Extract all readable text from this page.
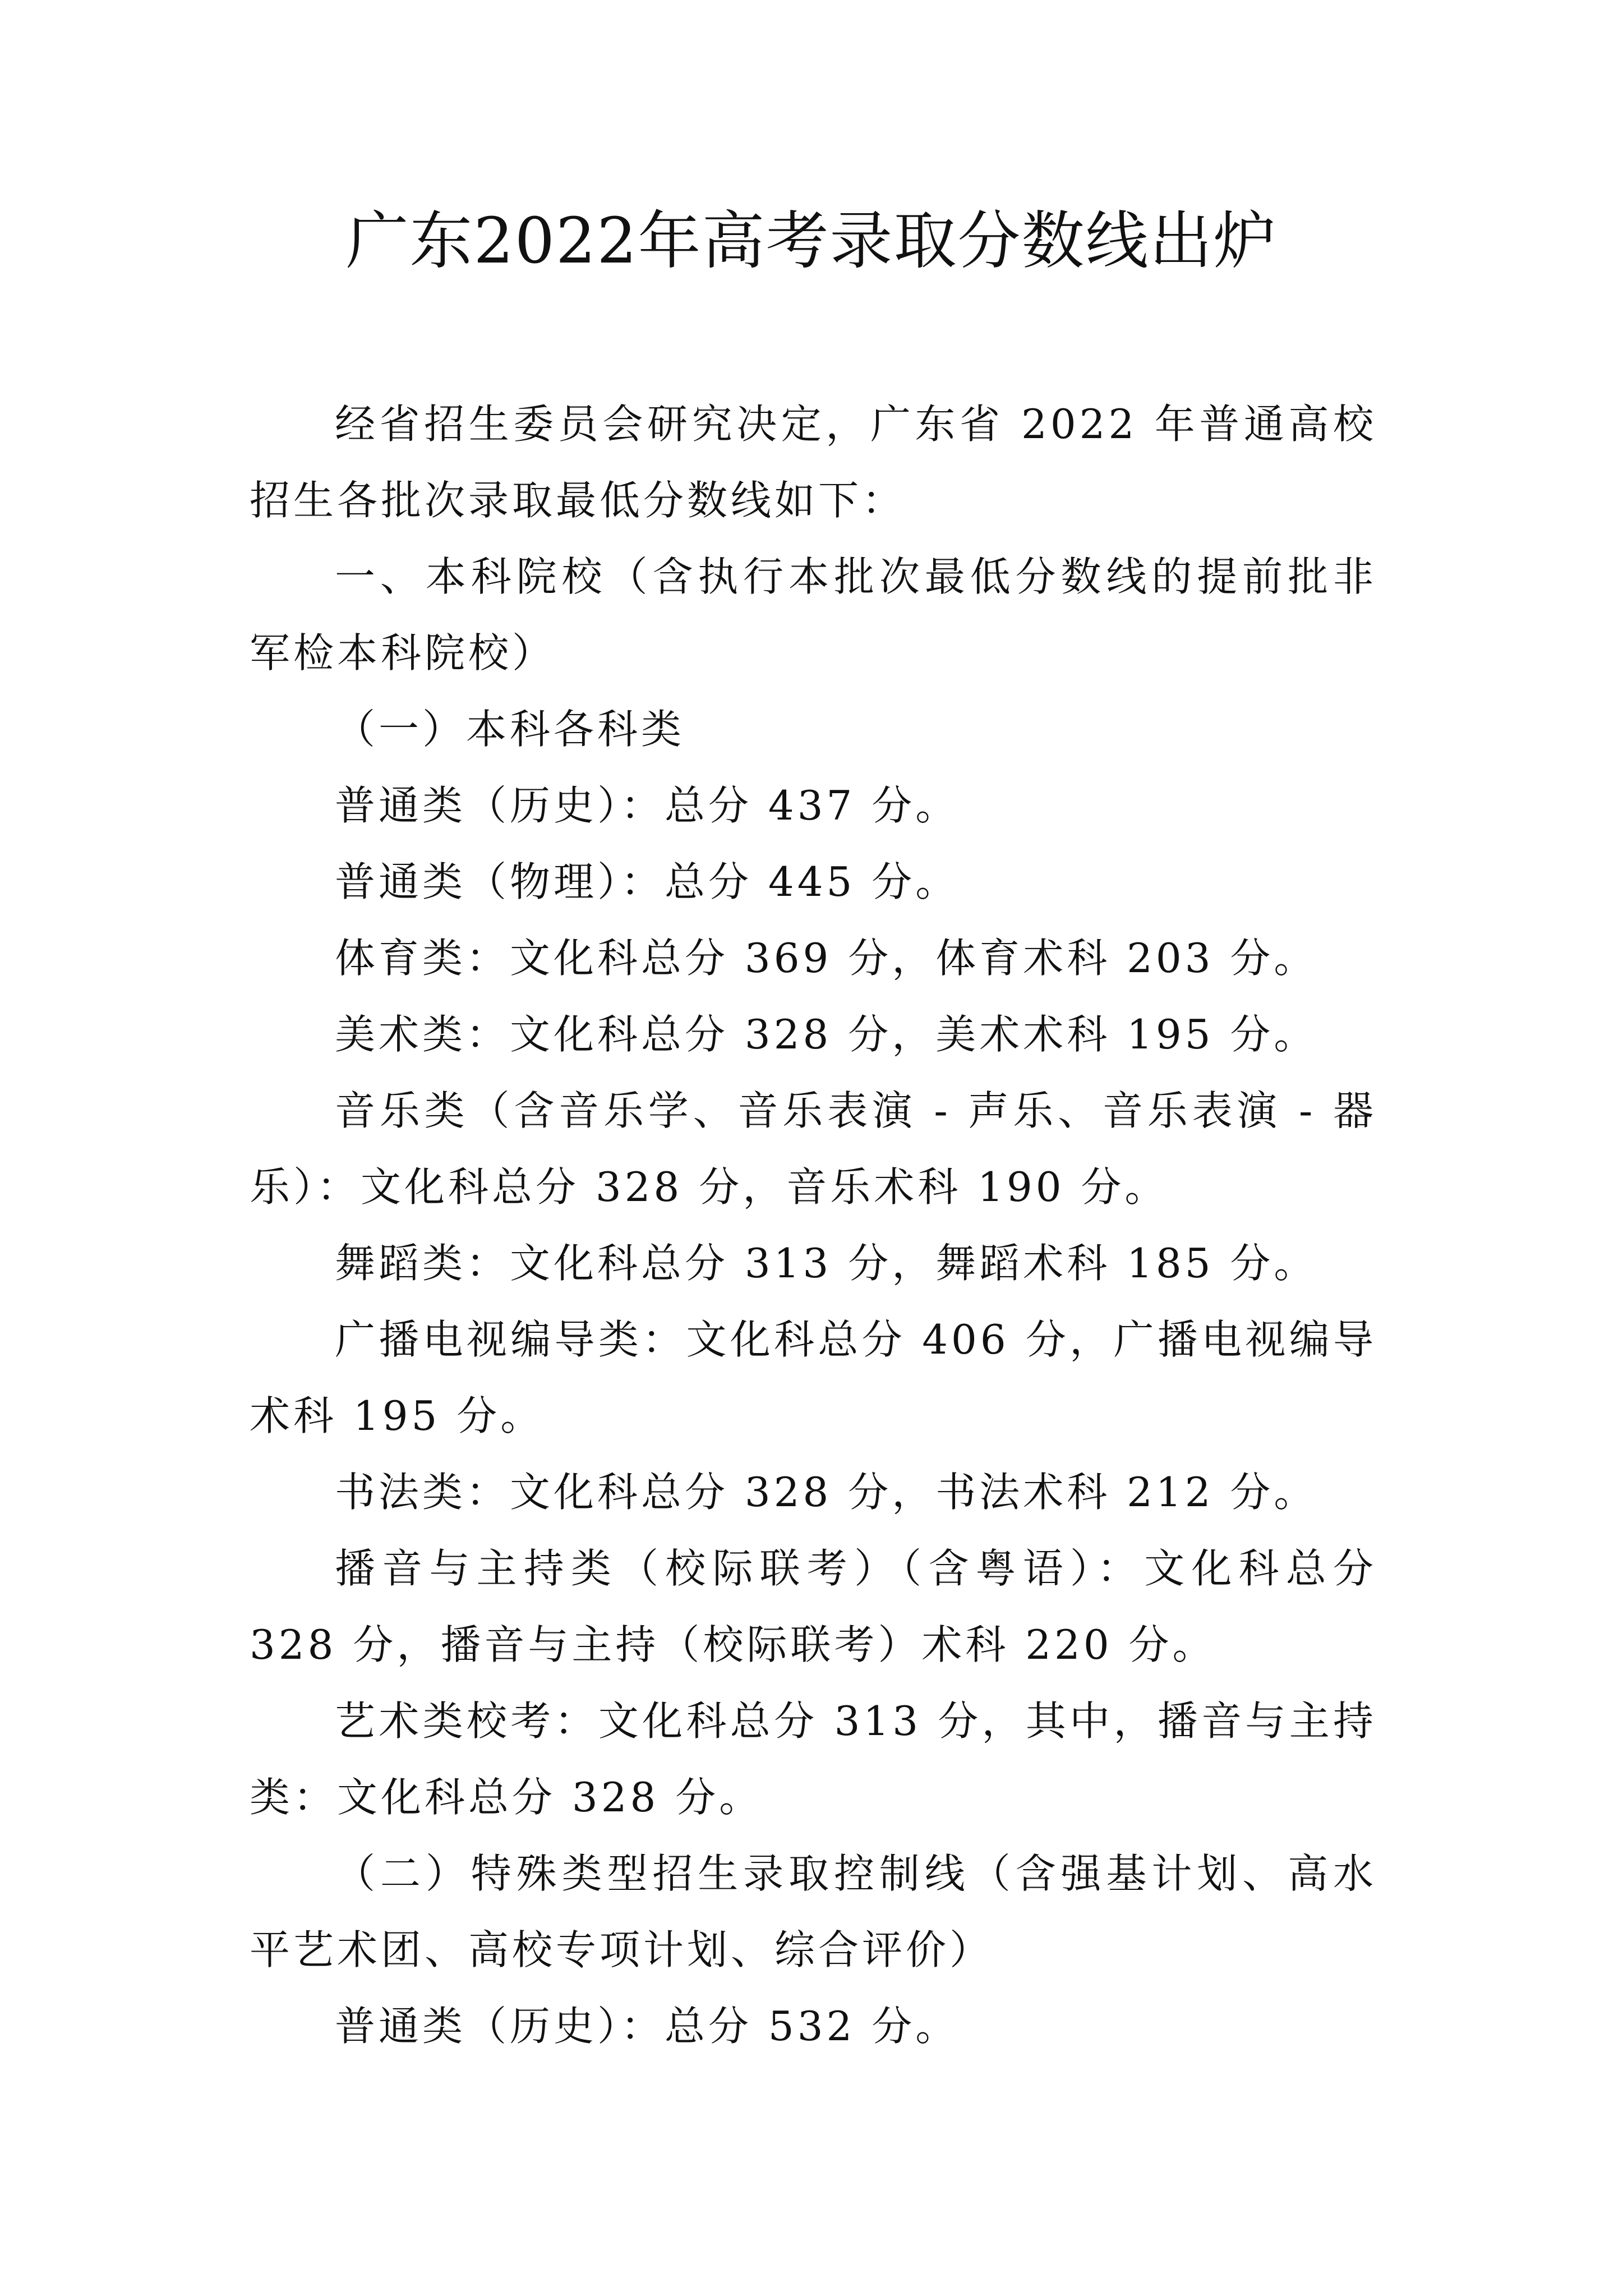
广东2022年高考录取分数线出炉

经省招生委员会研究决定，广东省 2022 年普通高校招生各批次录取最低分数线如下：

一、本科院校（含执行本批次最低分数线的提前批非军检本科院校）

（一）本科各科类

普通类（历史）：总分 437 分。

普通类（物理）：总分 445 分。

体育类：文化科总分 369 分，体育术科 203 分。

美术类：文化科总分 328 分，美术术科 195 分。

音乐类（含音乐学、音乐表演 - 声乐、音乐表演 - 器乐）：文化科总分 328 分，音乐术科 190 分。

舞蹈类：文化科总分 313 分，舞蹈术科 185 分。

广播电视编导类：文化科总分 406 分，广播电视编导术科 195 分。

书法类：文化科总分 328 分，书法术科 212 分。

播音与主持类（校际联考）（含粤语）：文化科总分 328 分，播音与主持（校际联考）术科 220 分。

艺术类校考：文化科总分 313 分，其中，播音与主持类：文化科总分 328 分。

（二）特殊类型招生录取控制线（含强基计划、高水平艺术团、高校专项计划、综合评价）

普通类（历史）：总分 532 分。
